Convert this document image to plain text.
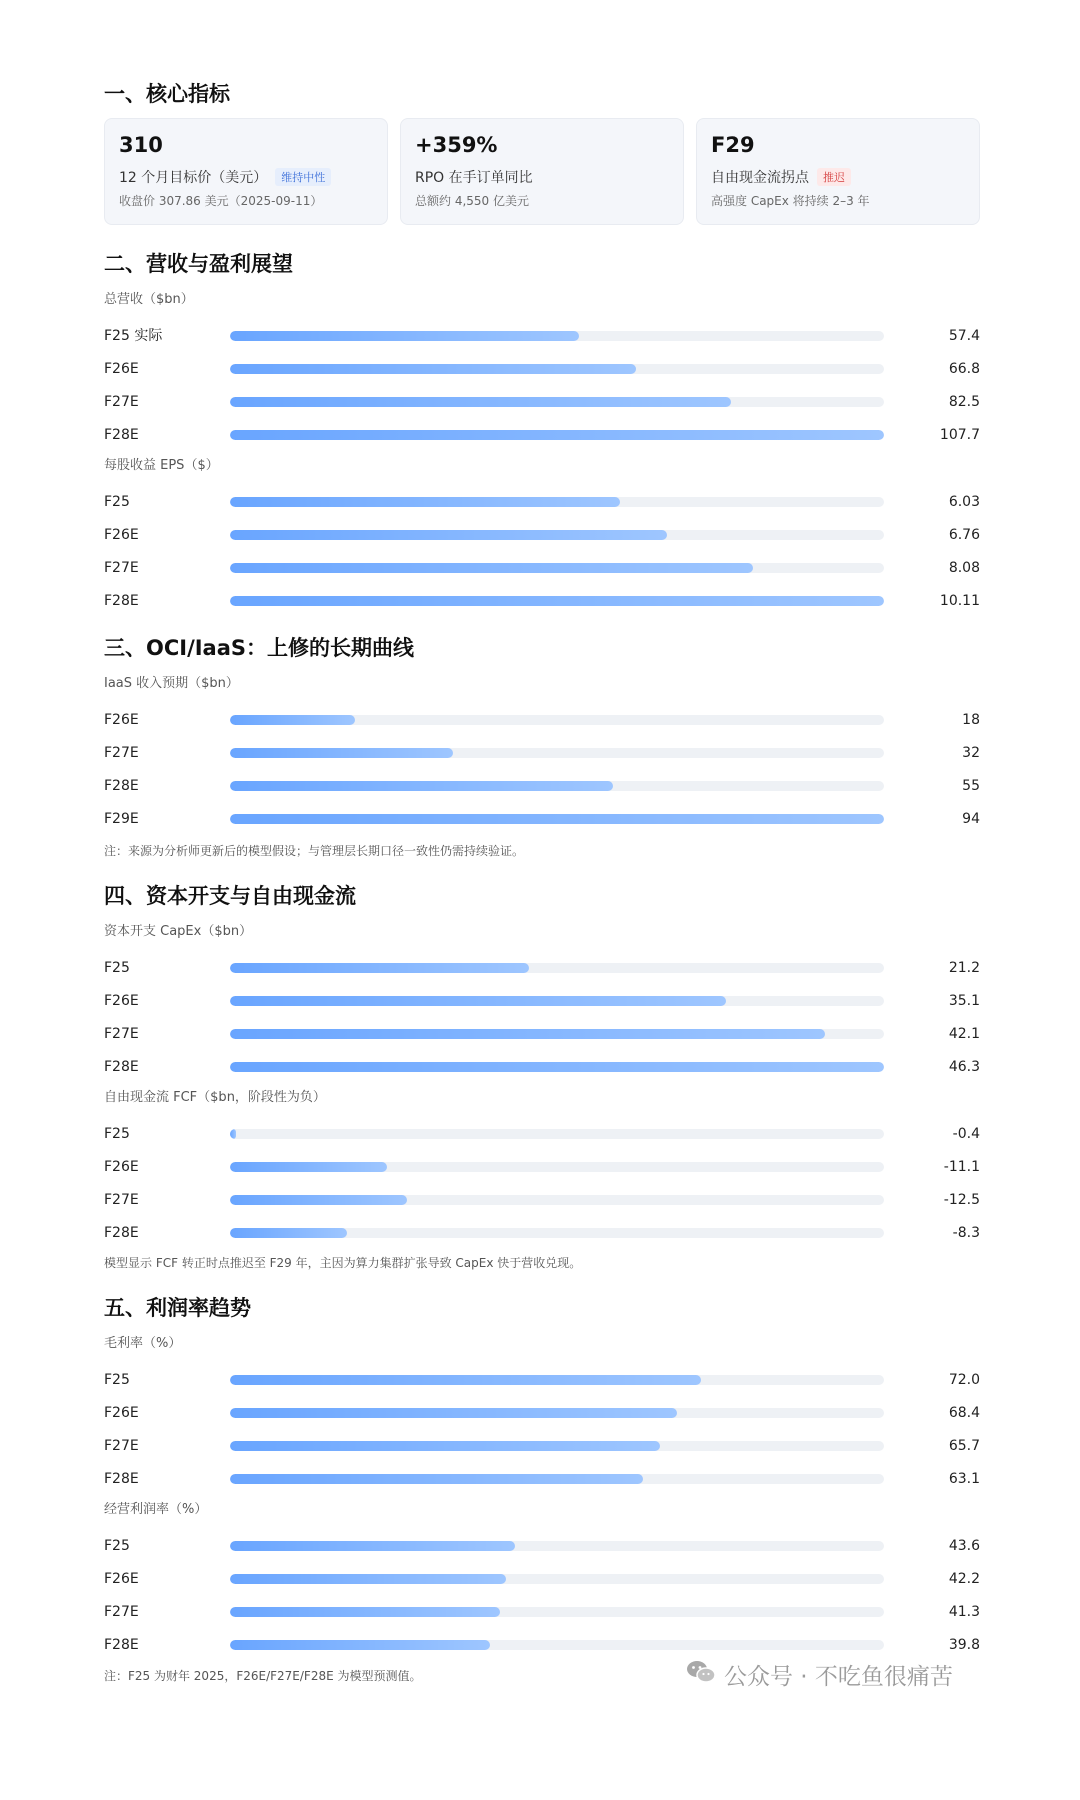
一、核心指标
310
12 个月目标价（美元）	维持中性
收盘价 307.86 美元（2025-09-11）
+359%
RPO 在手订单同比
总额约 4,550 亿美元
F29
自由现金流拐点	推迟
高强度 CapEx 将持续 2–3 年
二、营收与盈利展望
总营收（$bn）
F25 实际	57.4
F26E	66.8
F27E	82.5
F28E	107.7
每股收益 EPS（$）
F25	6.03
F26E	6.76
F27E	8.08
F28E	10.11
三、OCI/IaaS：上修的长期曲线
IaaS 收入预期（$bn）
F26E	18
F27E	32
F28E	55
F29E	94
注：来源为分析师更新后的模型假设；与管理层长期口径一致性仍需持续验证。
四、资本开支与自由现金流
资本开支 CapEx（$bn）
F25	21.2
F26E	35.1
F27E	42.1
F28E	46.3
自由现金流 FCF（$bn，阶段性为负）
F25	-0.4
F26E	-11.1
F27E	-12.5
F28E	-8.3
模型显示 FCF 转正时点推迟至 F29 年，主因为算力集群扩张导致 CapEx 快于营收兑现。
五、利润率趋势
毛利率（%）
F25	72.0
F26E	68.4
F27E	65.7
F28E	63.1
经营利润率（%）
F25	43.6
F26E	42.2
F27E	41.3
F28E	39.8
注：F25 为财年 2025，F26E/F27E/F28E 为模型预测值。	公众号 · 不吃鱼很痛苦
